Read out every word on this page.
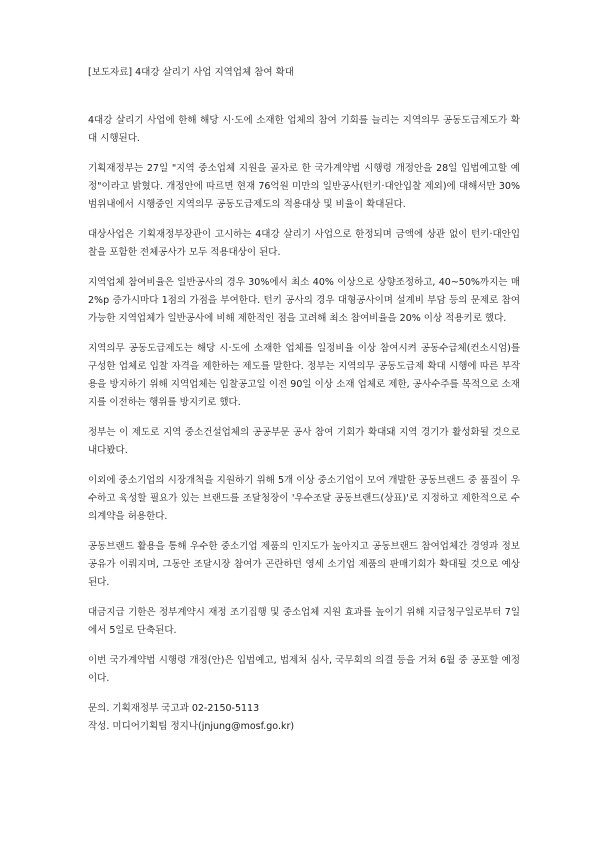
[보도자료] 4대강 살리기 사업 지역업체 참여 확대

4대강 살리기 사업에 한해 해당 시·도에 소재한 업체의 참여 기회를 늘리는 지역의무 공동도급제도가 확대 시행된다.

기획재정부는 27일 "지역 중소업체 지원을 골자로 한 국가계약법 시행령 개정안을 28일 입법예고할 예정"이라고 밝혔다. 개정안에 따르면 현재 76억원 미만의 일반공사(턴키·대안입찰 제외)에 대해서만 30% 범위내에서 시행중인 지역의무 공동도급제도의 적용대상 및 비율이 확대된다.

대상사업은 기획재정부장관이 고시하는 4대강 살리기 사업으로 한정되며 금액에 상관 없이 턴키·대안입찰을 포함한 전체공사가 모두 적용대상이 된다.

지역업체 참여비율은 일반공사의 경우 30%에서 최소 40% 이상으로 상향조정하고, 40~50%까지는 매 2%p 증가시마다 1점의 가점을 부여한다. 턴키 공사의 경우 대형공사이며 설계비 부담 등의 문제로 참여가능한 지역업체가 일반공사에 비해 제한적인 점을 고려해 최소 참여비율을 20% 이상 적용키로 했다.

지역의무 공동도급제도는 해당 시·도에 소재한 업체를 일정비율 이상 참여시켜 공동수급체(컨소시엄)를 구성한 업체로 입찰 자격을 제한하는 제도를 말한다. 정부는 지역의무 공동도급제 확대 시행에 따른 부작용을 방지하기 위해 지역업체는 입찰공고일 이전 90일 이상 소재 업체로 제한, 공사수주를 목적으로 소재지를 이전하는 행위를 방지키로 했다.

정부는 이 제도로 지역 중소건설업체의 공공부문 공사 참여 기회가 확대돼 지역 경기가 활성화될 것으로 내다봤다.

이외에 중소기업의 시장개척을 지원하기 위해 5개 이상 중소기업이 모여 개발한 공동브랜드 중 품질이 우수하고 육성할 필요가 있는 브랜드를 조달청장이 '우수조달 공동브랜드(상표)'로 지정하고 제한적으로 수의계약을 허용한다.

공동브랜드 활용을 통해 우수한 중소기업 제품의 인지도가 높아지고 공동브랜드 참여업체간 경영과 정보 공유가 이뤄지며, 그동안 조달시장 참여가 곤란하던 영세 소기업 제품의 판매기회가 확대될 것으로 예상된다.

대금지급 기한은 정부계약시 재정 조기집행 및 중소업체 지원 효과를 높이기 위해 지급청구일로부터 7일에서 5일로 단축된다.

이번 국가계약법 시행령 개정(안)은 입법예고, 법제처 심사, 국무회의 의결 등을 거쳐 6월 중 공포할 예정이다.

문의. 기획재정부 국고과 02-2150-5113

작성. 미디어기획팀 정지나(jnjung@mosf.go.kr)
